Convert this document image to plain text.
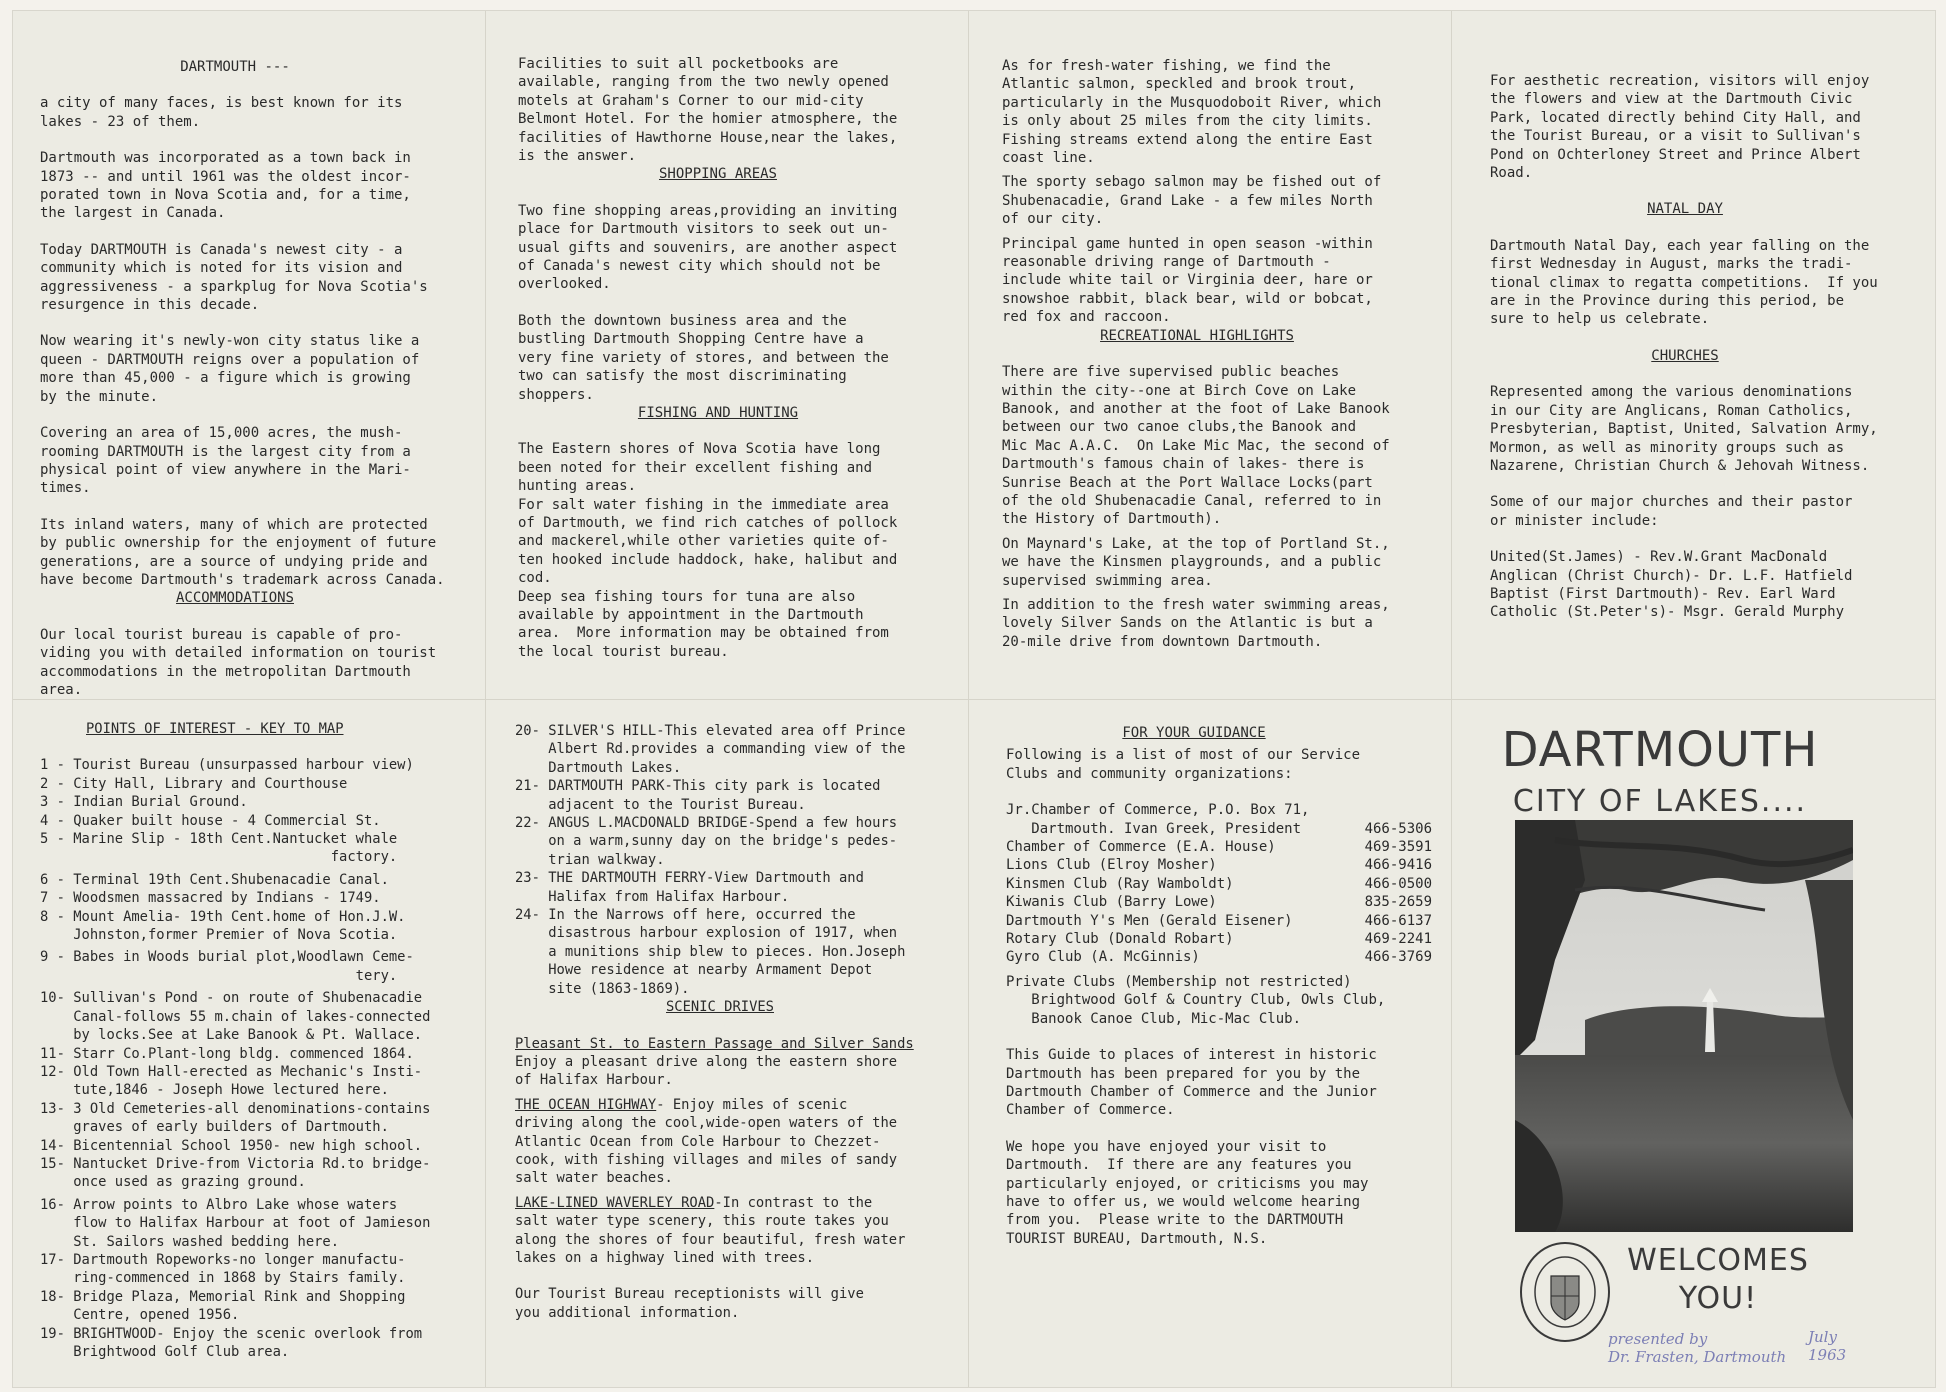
DARTMOUTH ---

a city of many faces, is best known for its
lakes - 23 of them.

Dartmouth was incorporated as a town back in
1873 -- and until 1961 was the oldest incor-
porated town in Nova Scotia and, for a time,
the largest in Canada.

Today DARTMOUTH is Canada's newest city - a
community which is noted for its vision and
aggressiveness - a sparkplug for Nova Scotia's
resurgence in this decade.

Now wearing it's newly-won city status like a
queen - DARTMOUTH reigns over a population of
more than 45,000 - a figure which is growing
by the minute.

Covering an area of 15,000 acres, the mush-
rooming DARTMOUTH is the largest city from a
physical point of view anywhere in the Mari-
times.

Its inland waters, many of which are protected
by public ownership for the enjoyment of future
generations, are a source of undying pride and
have become Dartmouth's trademark across Canada.

ACCOMMODATIONS

Our local tourist bureau is capable of pro-
viding you with detailed information on tourist
accommodations in the metropolitan Dartmouth
area.

Facilities to suit all pocketbooks are
available, ranging from the two newly opened
motels at Graham's Corner to our mid-city
Belmont Hotel. For the homier atmosphere, the
facilities of Hawthorne House,near the lakes,
is the answer.

SHOPPING AREAS

Two fine shopping areas,providing an inviting
place for Dartmouth visitors to seek out un-
usual gifts and souvenirs, are another aspect
of Canada's newest city which should not be
overlooked.

Both the downtown business area and the
bustling Dartmouth Shopping Centre have a
very fine variety of stores, and between the
two can satisfy the most discriminating
shoppers.

FISHING AND HUNTING

The Eastern shores of Nova Scotia have long
been noted for their excellent fishing and
hunting areas.

For salt water fishing in the immediate area
of Dartmouth, we find rich catches of pollock
and mackerel,while other varieties quite of-
ten hooked include haddock, hake, halibut and
cod.

Deep sea fishing tours for tuna are also
available by appointment in the Dartmouth
area.  More information may be obtained from
the local tourist bureau.

As for fresh-water fishing, we find the
Atlantic salmon, speckled and brook trout,
particularly in the Musquodoboit River, which
is only about 25 miles from the city limits.
Fishing streams extend along the entire East
coast line.

The sporty sebago salmon may be fished out of
Shubenacadie, Grand Lake - a few miles North
of our city.

Principal game hunted in open season -within
reasonable driving range of Dartmouth -
include white tail or Virginia deer, hare or
snowshoe rabbit, black bear, wild or bobcat,
red fox and raccoon.

RECREATIONAL HIGHLIGHTS

There are five supervised public beaches
within the city--one at Birch Cove on Lake
Banook, and another at the foot of Lake Banook
between our two canoe clubs,the Banook and
Mic Mac A.A.C.  On Lake Mic Mac, the second of
Dartmouth's famous chain of lakes- there is
Sunrise Beach at the Port Wallace Locks(part
of the old Shubenacadie Canal, referred to in
the History of Dartmouth).

On Maynard's Lake, at the top of Portland St.,
we have the Kinsmen playgrounds, and a public
supervised swimming area.

In addition to the fresh water swimming areas,
lovely Silver Sands on the Atlantic is but a
20-mile drive from downtown Dartmouth.

For aesthetic recreation, visitors will enjoy
the flowers and view at the Dartmouth Civic
Park, located directly behind City Hall, and
the Tourist Bureau, or a visit to Sullivan's
Pond on Ochterloney Street and Prince Albert
Road.

NATAL DAY

Dartmouth Natal Day, each year falling on the
first Wednesday in August, marks the tradi-
tional climax to regatta competitions.  If you
are in the Province during this period, be
sure to help us celebrate.

CHURCHES

Represented among the various denominations
in our City are Anglicans, Roman Catholics,
Presbyterian, Baptist, United, Salvation Army,
Mormon, as well as minority groups such as
Nazarene, Christian Church & Jehovah Witness.

Some of our major churches and their pastor
or minister include:

United(St.James) - Rev.W.Grant MacDonald
Anglican (Christ Church)- Dr. L.F. Hatfield
Baptist (First Dartmouth)- Rev. Earl Ward
Catholic (St.Peter's)- Msgr. Gerald Murphy

POINTS OF INTEREST - KEY TO MAP

1 - Tourist Bureau (unsurpassed harbour view)
2 - City Hall, Library and Courthouse
3 - Indian Burial Ground.
4 - Quaker built house - 4 Commercial St.
5 - Marine Slip - 18th Cent.Nantucket whale
factory.
6 - Terminal 19th Cent.Shubenacadie Canal.
7 - Woodsmen massacred by Indians - 1749.
8 - Mount Amelia- 19th Cent.home of Hon.J.W.
Johnston,former Premier of Nova Scotia.
9 - Babes in Woods burial plot,Woodlawn Ceme-
tery.
10- Sullivan's Pond - on route of Shubenacadie
Canal-follows 55 m.chain of lakes-connected
by locks.See at Lake Banook & Pt. Wallace.
11- Starr Co.Plant-long bldg. commenced 1864.
12- Old Town Hall-erected as Mechanic's Insti-
tute,1846 - Joseph Howe lectured here.
13- 3 Old Cemeteries-all denominations-contains
graves of early builders of Dartmouth.
14- Bicentennial School 1950- new high school.
15- Nantucket Drive-from Victoria Rd.to bridge-
once used as grazing ground.
16- Arrow points to Albro Lake whose waters
flow to Halifax Harbour at foot of Jamieson
St. Sailors washed bedding here.
17- Dartmouth Ropeworks-no longer manufactu-
ring-commenced in 1868 by Stairs family.
18- Bridge Plaza, Memorial Rink and Shopping
Centre, opened 1956.
19- BRIGHTWOOD- Enjoy the scenic overlook from
Brightwood Golf Club area.
20- SILVER'S HILL-This elevated area off Prince
Albert Rd.provides a commanding view of the
Dartmouth Lakes.
21- DARTMOUTH PARK-This city park is located
adjacent to the Tourist Bureau.
22- ANGUS L.MACDONALD BRIDGE-Spend a few hours
on a warm,sunny day on the bridge's pedes-
trian walkway.
23- THE DARTMOUTH FERRY-View Dartmouth and
Halifax from Halifax Harbour.
24- In the Narrows off here, occurred the
disastrous harbour explosion of 1917, when
a munitions ship blew to pieces. Hon.Joseph
Howe residence at nearby Armament Depot
site (1863-1869).

SCENIC DRIVES

Pleasant St. to Eastern Passage and Silver Sands

Enjoy a pleasant drive along the eastern shore
of Halifax Harbour.

THE OCEAN HIGHWAY- Enjoy miles of scenic
driving along the cool,wide-open waters of the
Atlantic Ocean from Cole Harbour to Chezzet-
cook, with fishing villages and miles of sandy
salt water beaches.

LAKE-LINED WAVERLEY ROAD-In contrast to the
salt water type scenery, this route takes you
along the shores of four beautiful, fresh water
lakes on a highway lined with trees.

Our Tourist Bureau receptionists will give
you additional information.

FOR YOUR GUIDANCE

Following is a list of most of our Service
Clubs and community organizations:

Jr.Chamber of Commerce, P.O. Box 71,	
Dartmouth. Ivan Greek, President	466-5306
Chamber of Commerce (E.A. House)	469-3591
Lions Club (Elroy Mosher)	466-9416
Kinsmen Club (Ray Wamboldt)	466-0500
Kiwanis Club (Barry Lowe)	835-2659
Dartmouth Y's Men (Gerald Eisener)	466-6137
Rotary Club (Donald Robart)	469-2241
Gyro Club (A. McGinnis)	466-3769

Private Clubs (Membership not restricted)
Brightwood Golf & Country Club, Owls Club,
Banook Canoe Club, Mic-Mac Club.

This Guide to places of interest in historic
Dartmouth has been prepared for you by the
Dartmouth Chamber of Commerce and the Junior
Chamber of Commerce.

We hope you have enjoyed your visit to
Dartmouth.  If there are any features you
particularly enjoyed, or criticisms you may
have to offer us, we would welcome hearing
from you.  Please write to the DARTMOUTH
TOURIST BUREAU, Dartmouth, N.S.

DARTMOUTH
CITY OF LAKES....
WELCOMES
YOU!
presented by
Dr. Frasten, Dartmouth
July 1963
